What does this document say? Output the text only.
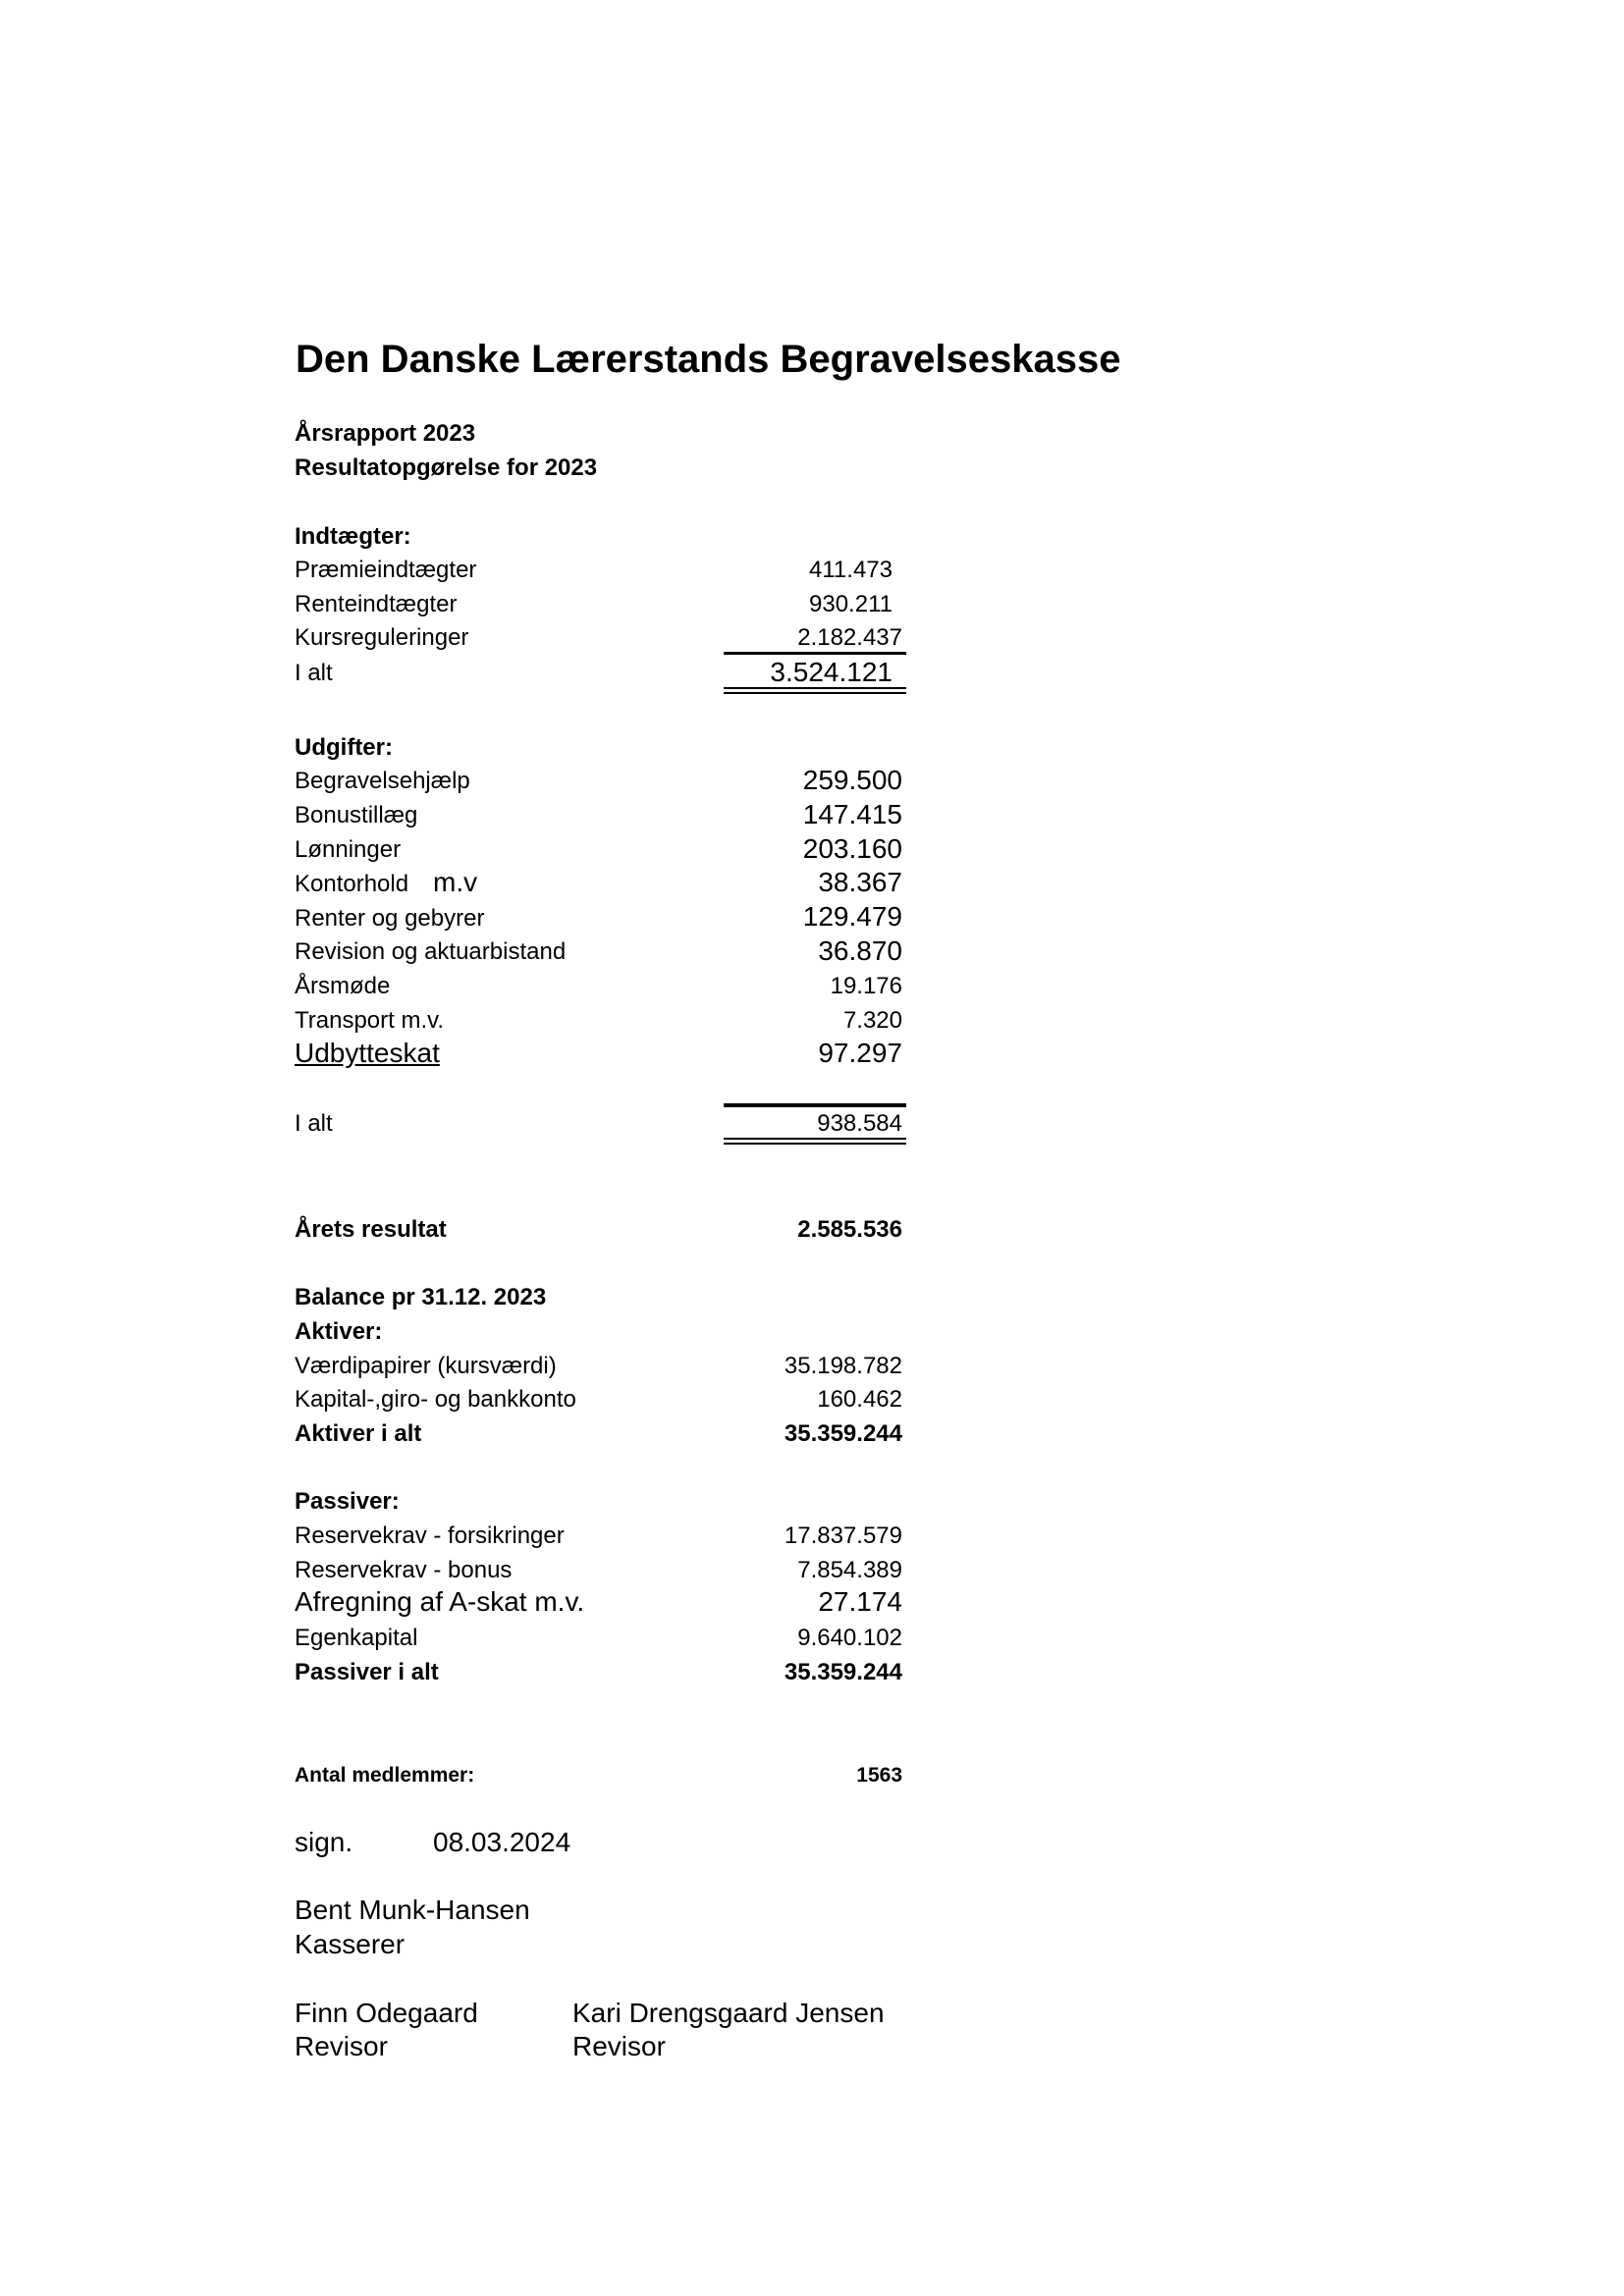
Den Danske Lærerstands Begravelseskasse
Årsrapport 2023
Resultatopgørelse for 2023
Indtægter:
Præmieindtægter	411.473
Renteindtægter	930.211
Kursreguleringer	2.182.437
I alt	3.524.121
Udgifter:
Begravelsehjælp	259.500
Bonustillæg	147.415
Lønninger	203.160
Kontorhold m.v	38.367
Renter og gebyrer	129.479
Revision og aktuarbistand	36.870
Årsmøde	19.176
Transport m.v.	7.320
Udbytteskat	97.297
I alt	938.584
Årets resultat	2.585.536
Balance pr 31.12. 2023
Aktiver:
Værdipapirer (kursværdi)	35.198.782
Kapital-,giro- og bankkonto	160.462
Aktiver i alt	35.359.244
Passiver:
Reservekrav - forsikringer	17.837.579
Reservekrav - bonus	7.854.389
Afregning af A-skat m.v.	27.174
Egenkapital	9.640.102
Passiver i alt	35.359.244
Antal medlemmer:	1563
sign.	08.03.2024
Bent Munk-Hansen
Kasserer
Finn Odegaard
Revisor
Kari Drengsgaard Jensen
Revisor
